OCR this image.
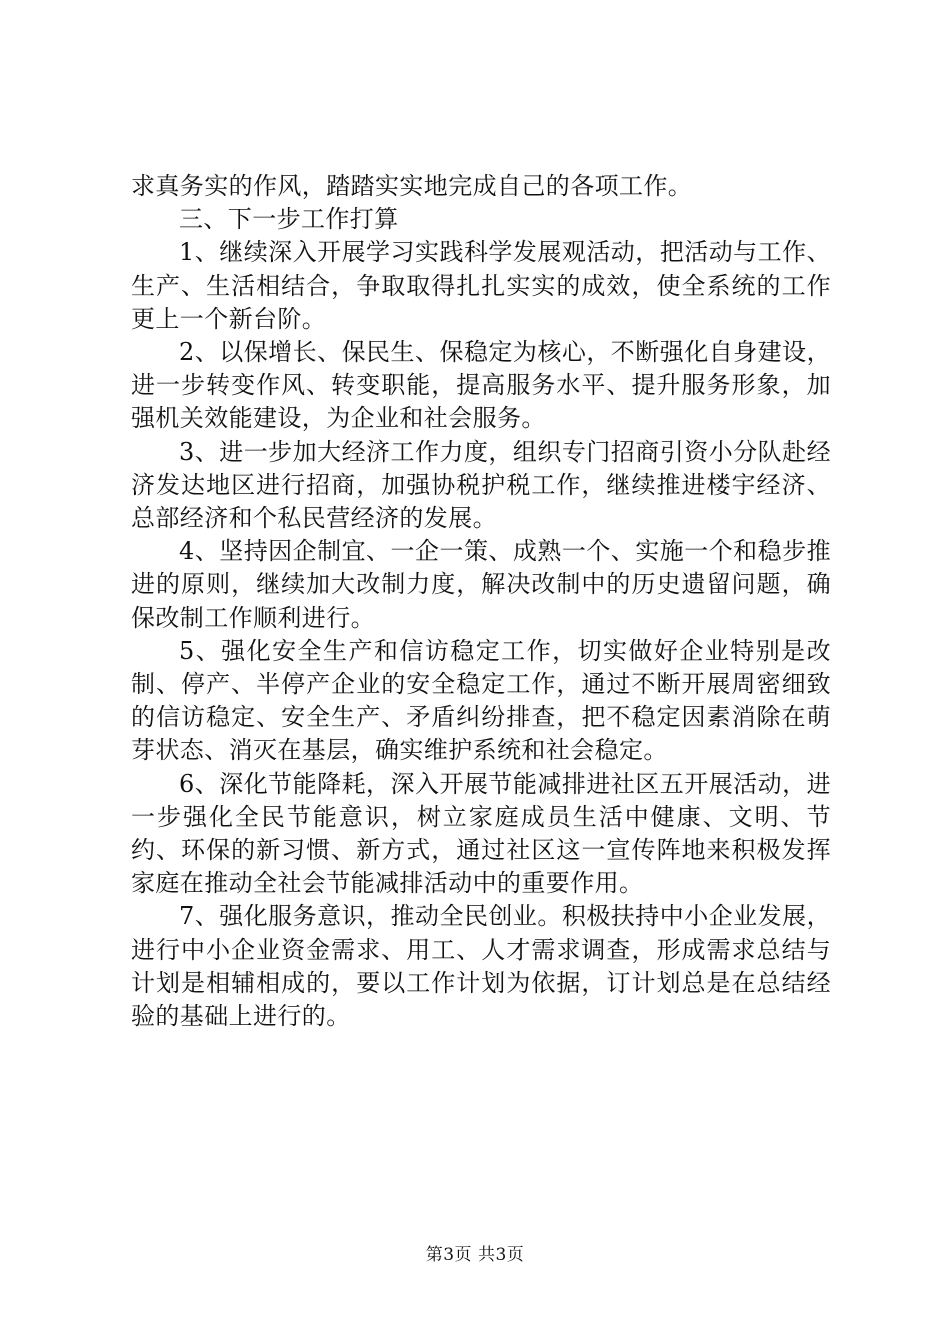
求真务实的作风，踏踏实实地完成自己的各项工作。

三、下一步工作打算

1、继续深入开展学习实践科学发展观活动，把活动与工作、生产、生活相结合，争取取得扎扎实实的成效，使全系统的工作更上一个新台阶。

2、以保增长、保民生、保稳定为核心，不断强化自身建设，进一步转变作风、转变职能，提高服务水平、提升服务形象，加强机关效能建设，为企业和社会服务。

3、进一步加大经济工作力度，组织专门招商引资小分队赴经济发达地区进行招商，加强协税护税工作，继续推进楼宇经济、总部经济和个私民营经济的发展。

4、坚持因企制宜、一企一策、成熟一个、实施一个和稳步推进的原则，继续加大改制力度，解决改制中的历史遗留问题，确保改制工作顺利进行。

5、强化安全生产和信访稳定工作，切实做好企业特别是改制、停产、半停产企业的安全稳定工作，通过不断开展周密细致的信访稳定、安全生产、矛盾纠纷排查，把不稳定因素消除在萌芽状态、消灭在基层，确实维护系统和社会稳定。

6、深化节能降耗，深入开展节能减排进社区五开展活动，进一步强化全民节能意识，树立家庭成员生活中健康、文明、节约、环保的新习惯、新方式，通过社区这一宣传阵地来积极发挥家庭在推动全社会节能减排活动中的重要作用。

7、强化服务意识，推动全民创业。积极扶持中小企业发展，进行中小企业资金需求、用工、人才需求调查，形成需求总结与计划是相辅相成的，要以工作计划为依据，订计划总是在总结经验的基础上进行的。

第3页 共3页
